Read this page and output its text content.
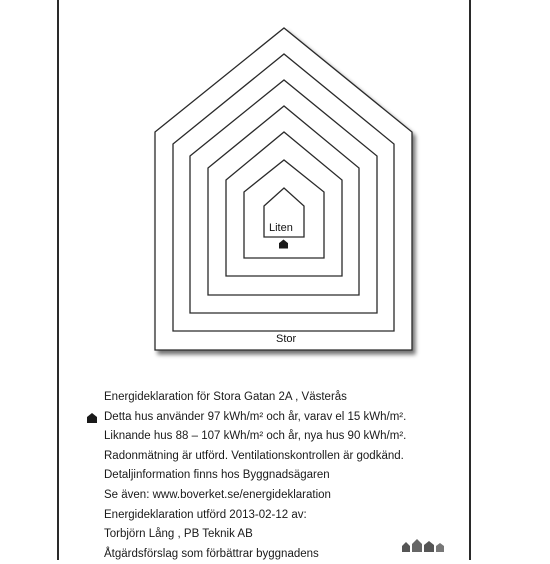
Liten
Stor
Energideklaration för Stora Gatan 2A , Västerås
Detta hus använder 97 kWh/m² och år, varav el 15 kWh/m².
Liknande hus 88 – 107 kWh/m² och år, nya hus 90 kWh/m².
Radonmätning är utförd. Ventilationskontrollen är godkänd.
Detaljinformation finns hos Byggnadsägaren
Se även: www.boverket.se/energideklaration
Energideklaration utförd 2013-02-12 av:
Torbjörn Lång , PB Teknik AB
Åtgärdsförslag som förbättrar byggnadens
